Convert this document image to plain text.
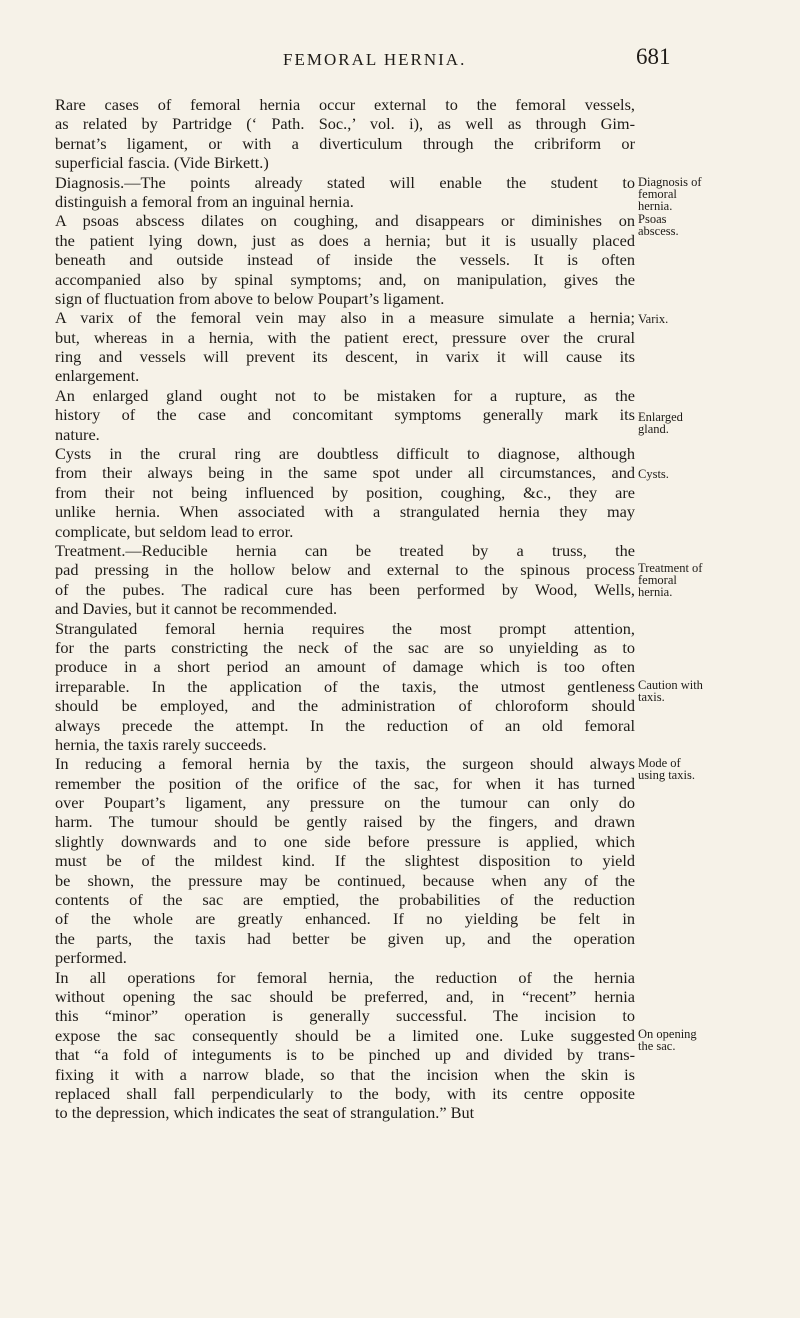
FEMORAL HERNIA.	681
Rare cases of femoral hernia occur external to the femoral vessels,
as related by Partridge (‘ Path. Soc.,’ vol. i), as well as through Gim-
bernat’s ligament, or with a diverticulum through the cribriform or
superficial fascia. (Vide Birkett.)
Diagnosis.—The points already stated will enable the student to
distinguish a femoral from an inguinal hernia.
A psoas abscess dilates on coughing, and disappears or diminishes on
the patient lying down, just as does a hernia; but it is usually placed
beneath and outside instead of inside the vessels. It is often
accompanied also by spinal symptoms; and, on manipulation, gives the
sign of fluctuation from above to below Poupart’s ligament.
A varix of the femoral vein may also in a measure simulate a hernia;
but, whereas in a hernia, with the patient erect, pressure over the crural
ring and vessels will prevent its descent, in varix it will cause its
enlargement.
An enlarged gland ought not to be mistaken for a rupture, as the
history of the case and concomitant symptoms generally mark its
nature.
Cysts in the crural ring are doubtless difficult to diagnose, although
from their always being in the same spot under all circumstances, and
from their not being influenced by position, coughing, &c., they are
unlike hernia. When associated with a strangulated hernia they may
complicate, but seldom lead to error.
Treatment.—Reducible hernia can be treated by a truss, the
pad pressing in the hollow below and external to the spinous process
of the pubes. The radical cure has been performed by Wood, Wells,
and Davies, but it cannot be recommended.
Strangulated femoral hernia requires the most prompt attention,
for the parts constricting the neck of the sac are so unyielding as to
produce in a short period an amount of damage which is too often
irreparable. In the application of the taxis, the utmost gentleness
should be employed, and the administration of chloroform should
always precede the attempt. In the reduction of an old femoral
hernia, the taxis rarely succeeds.
In reducing a femoral hernia by the taxis, the surgeon should always
remember the position of the orifice of the sac, for when it has turned
over Poupart’s ligament, any pressure on the tumour can only do
harm. The tumour should be gently raised by the fingers, and drawn
slightly downwards and to one side before pressure is applied, which
must be of the mildest kind. If the slightest disposition to yield
be shown, the pressure may be continued, because when any of the
contents of the sac are emptied, the probabilities of the reduction
of the whole are greatly enhanced. If no yielding be felt in
the parts, the taxis had better be given up, and the operation
performed.
In all operations for femoral hernia, the reduction of the hernia
without opening the sac should be preferred, and, in “recent” hernia
this “minor” operation is generally successful. The incision to
expose the sac consequently should be a limited one. Luke suggested
that “a fold of integuments is to be pinched up and divided by trans-
fixing it with a narrow blade, so that the incision when the skin is
replaced shall fall perpendicularly to the body, with its centre opposite
to the depression, which indicates the seat of strangulation.” But
Diagnosis of
femoral
hernia.
Psoas
abscess.
Varix.
Enlarged
gland.
Cysts.
Treatment of
femoral
hernia.
Caution with
taxis.
Mode of
using taxis.
On opening
the sac.
